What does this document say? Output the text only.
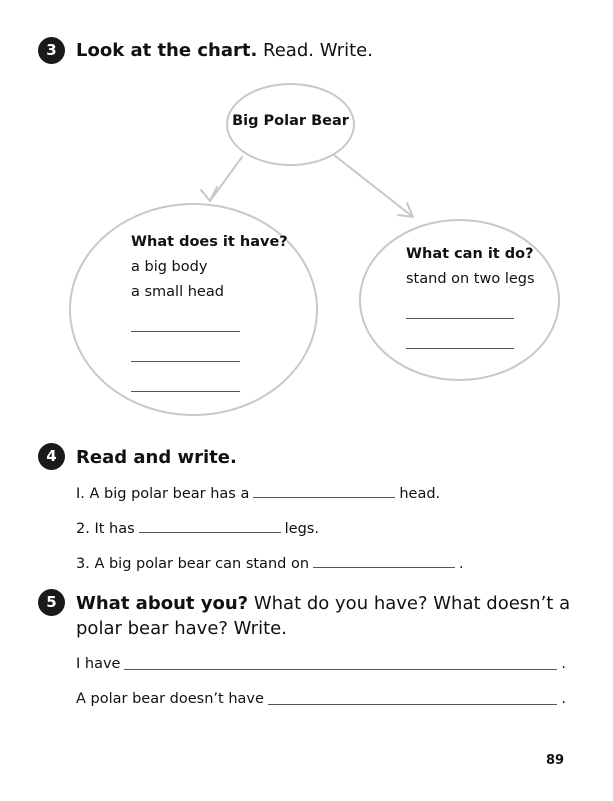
3	Look at the chart. Read. Write.
Big Polar Bear
What does it have?
a big body
a small head
What can it do?
stand on two legs
4	Read and write.
I. A big polar bear has a	head.
2. It has	legs.
3. A big polar bear can stand on	.
5	What about you? What do you have? What doesn’t a
polar bear have? Write.
I have	.
A polar bear doesn’t have	.
89
